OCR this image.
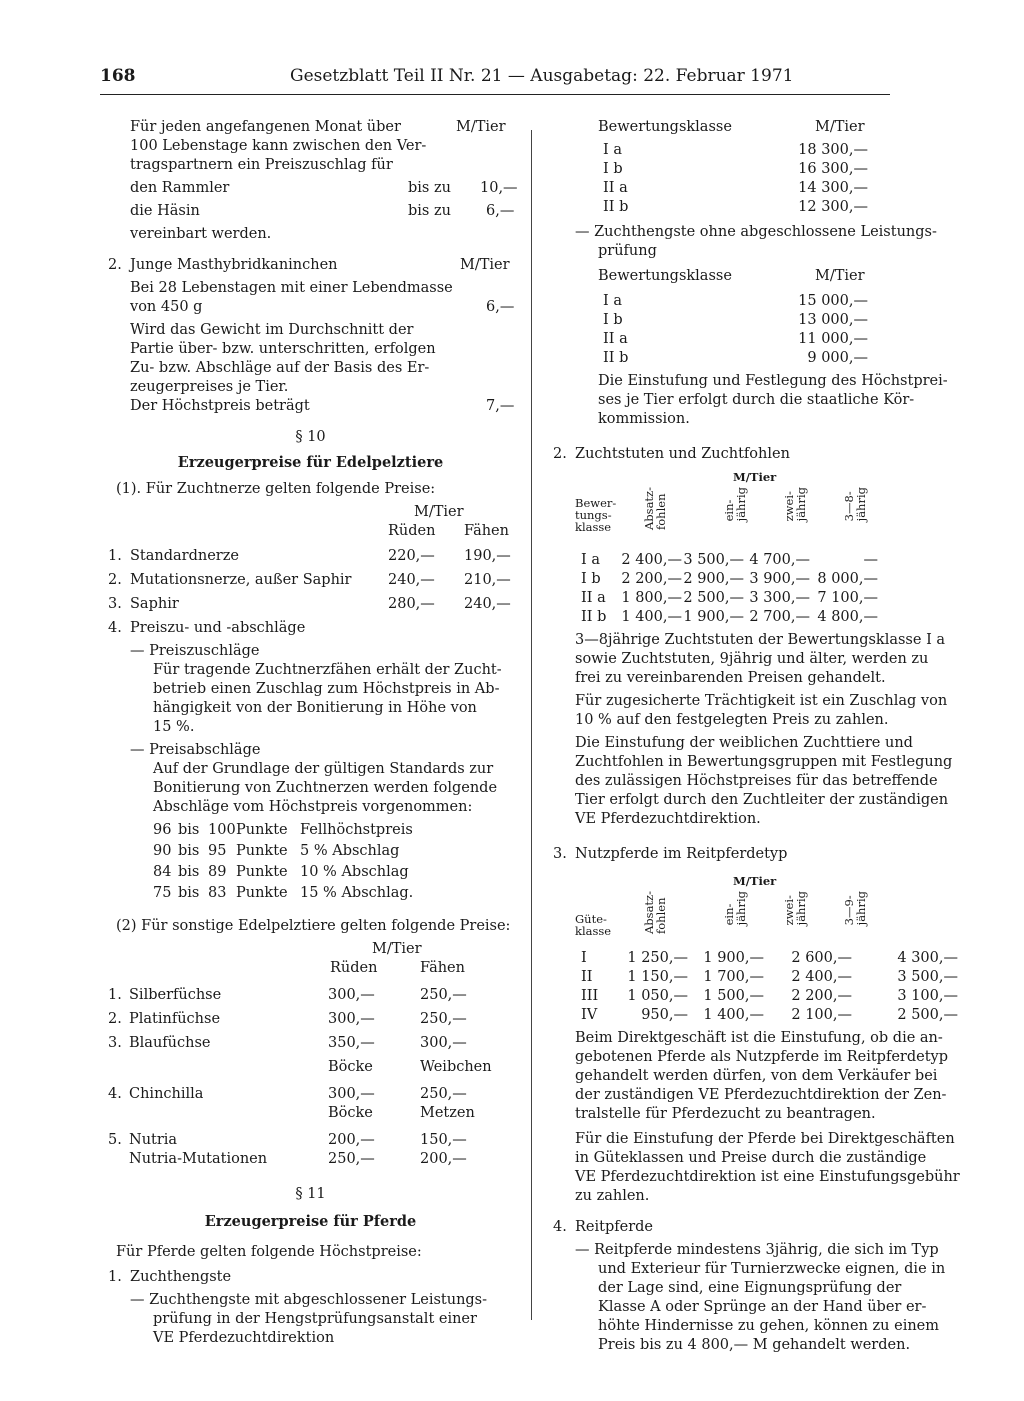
168	Gesetzblatt Teil II Nr. 21 — Ausgabetag: 22. Februar 1971
Für jeden angefangenen Monat über	M/Tier
100 Lebenstage kann zwischen den Ver-
tragspartnern ein Preiszuschlag für
den Rammler	bis zu 10,—
die Häsin	bis zu 6,—
vereinbart werden.
2. Junge Masthybridkaninchen	M/Tier
Bei 28 Lebenstagen mit einer Lebendmasse
von 450 g	6,—
Wird das Gewicht im Durchschnitt der
Partie über- bzw. unterschritten, erfolgen
Zu- bzw. Abschläge auf der Basis des Er-
zeugerpreises je Tier.
Der Höchstpreis beträgt	7,—
§ 10
Erzeugerpreise für Edelpelztiere
(1). Für Zuchtnerze gelten folgende Preise:
M/Tier
Rüden Fähen
1. Standardnerze	220,— 190,—
2. Mutationsnerze, außer Saphir	240,— 210,—
3. Saphir	280,— 240,—
4. Preiszu- und -abschläge
— Preiszuschläge
Für tragende Zuchtnerzfähen erhält der Zucht-
betrieb einen Zuschlag zum Höchstpreis in Ab-
hängigkeit von der Bonitierung in Höhe von
15 %.
— Preisabschläge
Auf der Grundlage der gültigen Standards zur
Bonitierung von Zuchtnerzen werden folgende
Abschläge vom Höchstpreis vorgenommen:
96 bis 100 Punkte Fellhöchstpreis
90 bis 95 Punkte 5 % Abschlag
84 bis 89 Punkte 10 % Abschlag
75 bis 83 Punkte 15 % Abschlag.
(2) Für sonstige Edelpelztiere gelten folgende Preise:
M/Tier
Rüden	Fähen
1. Silberfüchse	300,—	250,—
2. Platinfüchse	300,—	250,—
3. Blaufüchse	350,—	300,—
Böcke	Weibchen
4. Chinchilla	300,—	250,—
Böcke	Metzen
5. Nutria	200,—	150,—
Nutria-Mutationen	250,—	200,—
§ 11
Erzeugerpreise für Pferde
Für Pferde gelten folgende Höchstpreise:
1. Zuchthengste
— Zuchthengste mit abgeschlossener Leistungs-
prüfung in der Hengstprüfungsanstalt einer
VE Pferdezuchtdirektion
Bewertungsklasse	M/Tier
I a	18 300,—
I b	16 300,—
II a	14 300,—
II b	12 300,—
— Zuchthengste ohne abgeschlossene Leistungs-
prüfung
Bewertungsklasse	M/Tier
I a	15 000,—
I b	13 000,—
II a	11 000,—
II b	9 000,—
Die Einstufung und Festlegung des Höchstprei-
ses je Tier erfolgt durch die staatliche Kör-
kommission.
2. Zuchtstuten und Zuchtfohlen
M/Tier
Bewer-
tungs-
klasse	Absatz-
fohlen	ein-
jährig	zwei-
jährig	3—8-
jährig
I a 2 400,— 3 500,— 4 700,—	—
I b 2 200,— 2 900,— 3 900,— 8 000,—
II a 1 800,— 2 500,— 3 300,— 7 100,—
II b 1 400,— 1 900,— 2 700,— 4 800,—
3—8jährige Zuchtstuten der Bewertungsklasse I a
sowie Zuchtstuten, 9jährig und älter, werden zu
frei zu vereinbarenden Preisen gehandelt.
Für zugesicherte Trächtigkeit ist ein Zuschlag von
10 % auf den festgelegten Preis zu zahlen.
Die Einstufung der weiblichen Zuchttiere und
Zuchtfohlen in Bewertungsgruppen mit Festlegung
des zulässigen Höchstpreises für das betreffende
Tier erfolgt durch den Zuchtleiter der zuständigen
VE Pferdezuchtdirektion.
3. Nutzpferde im Reitpferdetyp
M/Tier
Güte-
klasse	Absatz-
fohlen	ein-
jährig	zwei-
jährig	3—9-
jährig
I	1 250,— 1 900,— 2 600,—	4 300,—
II 1 150,— 1 700,— 2 400,—	3 500,—
III 1 050,— 1 500,— 2 200,—	3 100,—
IV	950,— 1 400,— 2 100,—	2 500,—
Beim Direktgeschäft ist die Einstufung, ob die an-
gebotenen Pferde als Nutzpferde im Reitpferdetyp
gehandelt werden dürfen, von dem Verkäufer bei
der zuständigen VE Pferdezuchtdirektion der Zen-
tralstelle für Pferdezucht zu beantragen.
Für die Einstufung der Pferde bei Direktgeschäften
in Güteklassen und Preise durch die zuständige
VE Pferdezuchtdirektion ist eine Einstufungsgebühr
zu zahlen.
4. Reitpferde
— Reitpferde mindestens 3jährig, die sich im Typ
und Exterieur für Turnierzwecke eignen, die in
der Lage sind, eine Eignungsprüfung der
Klasse A oder Sprünge an der Hand über er-
höhte Hindernisse zu gehen, können zu einem
Preis bis zu 4 800,— M gehandelt werden.
